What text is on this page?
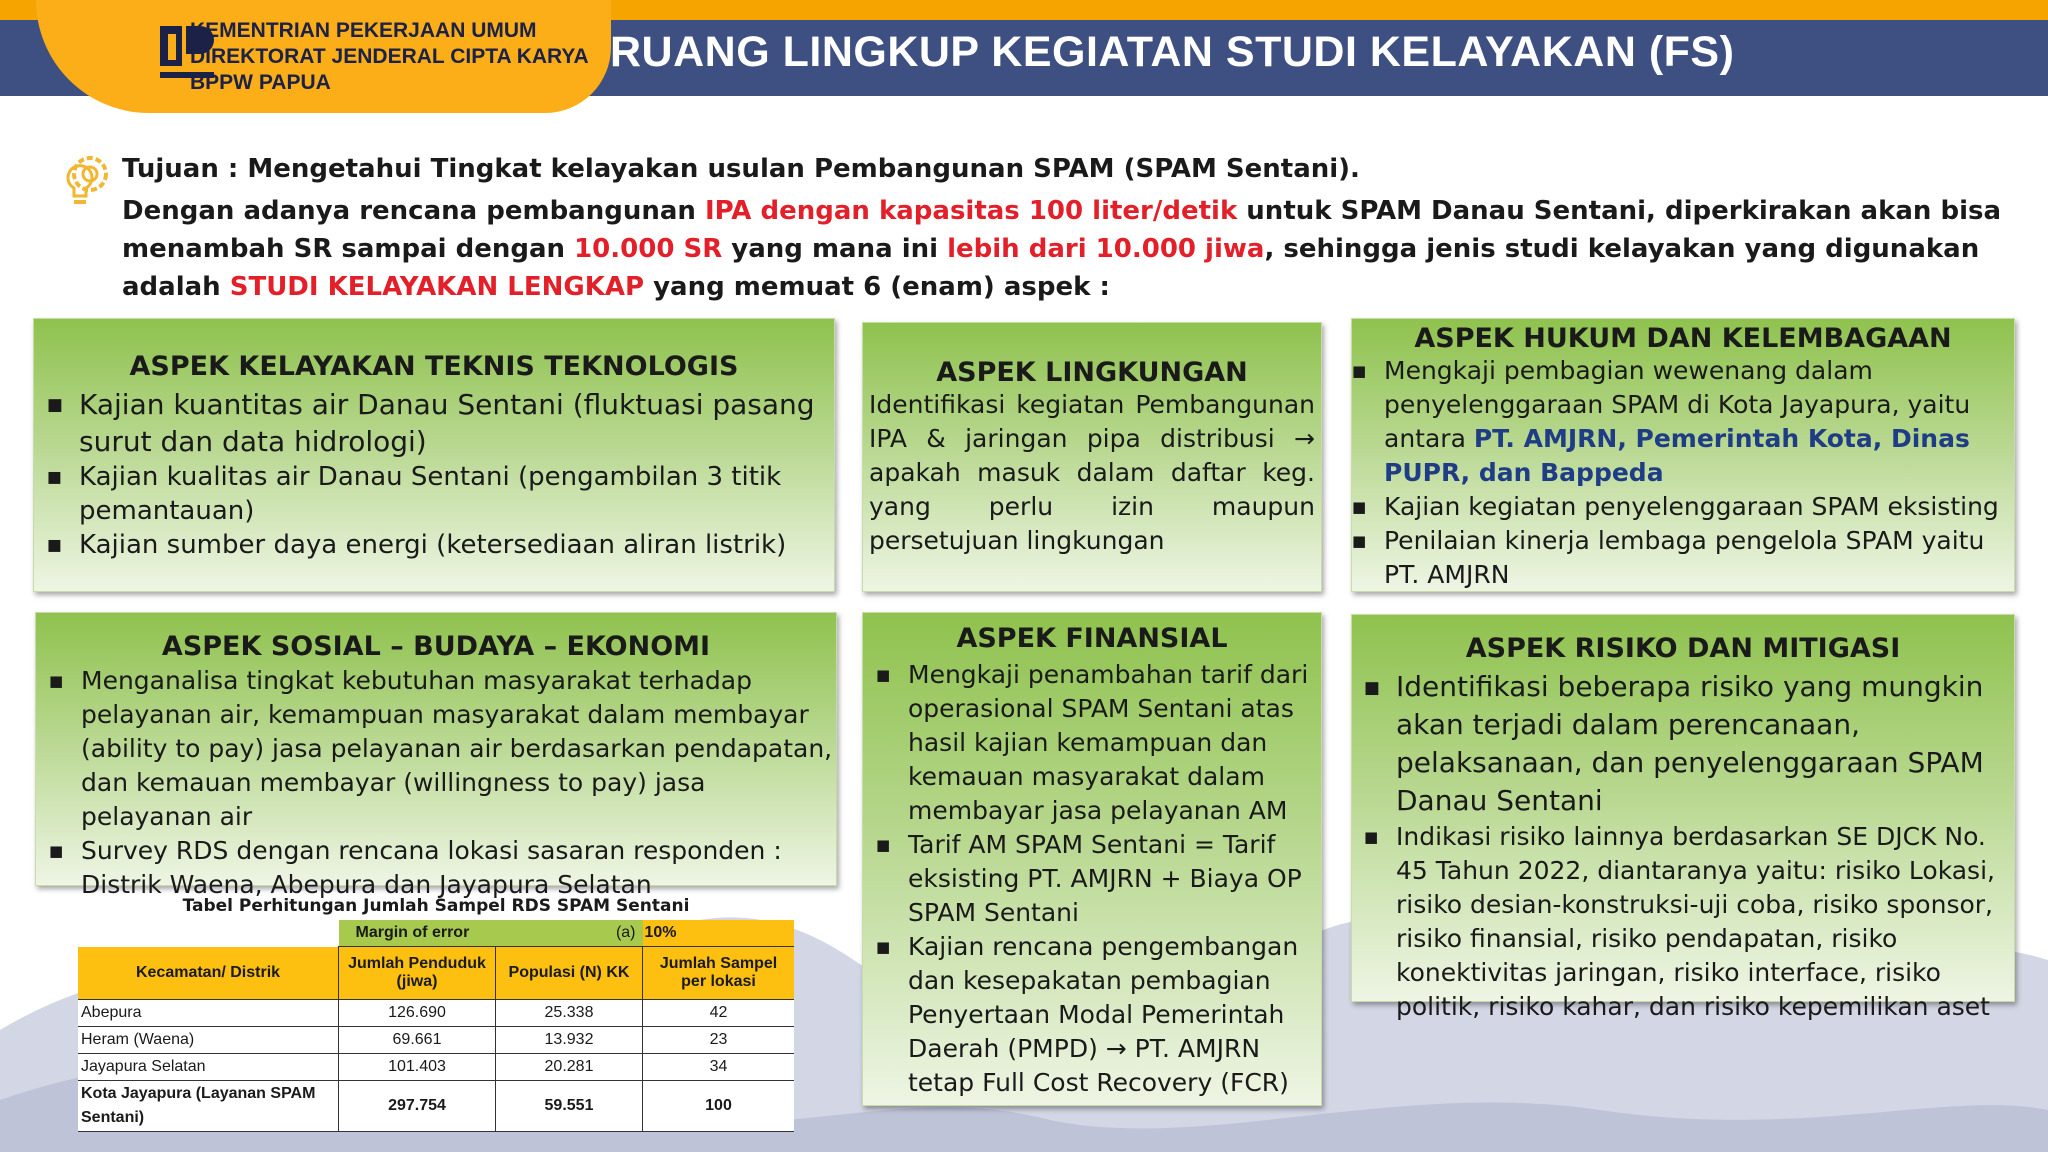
KEMENTRIAN PEKERJAAN UMUM
DIREKTORAT JENDERAL CIPTA KARYA
BPPW PAPUA
RUANG LINGKUP KEGIATAN STUDI KELAYAKAN (FS)

Tujuan : Mengetahui Tingkat kelayakan usulan Pembangunan SPAM (SPAM Sentani).

Dengan adanya rencana pembangunan IPA dengan kapasitas 100 liter/detik untuk SPAM Danau Sentani, diperkirakan akan bisa menambah SR sampai dengan 10.000 SR yang mana ini lebih dari 10.000 jiwa, sehingga jenis studi kelayakan yang digunakan adalah STUDI KELAYAKAN LENGKAP yang memuat 6 (enam) aspek :

ASPEK KELAYAKAN TEKNIS TEKNOLOGIS

■ Kajian kuantitas air Danau Sentani (fluktuasi pasang surut dan data hidrologi)
■ Kajian kualitas air Danau Sentani (pengambilan 3 titik pemantauan)
■ Kajian sumber daya energi (ketersediaan aliran listrik)

ASPEK LINGKUNGAN

Identifikasi kegiatan Pembangunan IPA & jaringan pipa distribusi → apakah masuk dalam daftar keg. yang perlu izin maupun persetujuan lingkungan

ASPEK HUKUM DAN KELEMBAGAAN

■ Mengkaji pembagian wewenang dalam penyelenggaraan SPAM di Kota Jayapura, yaitu antara PT. AMJRN, Pemerintah Kota, Dinas PUPR, dan Bappeda
■ Kajian kegiatan penyelenggaraan SPAM eksisting
■ Penilaian kinerja lembaga pengelola SPAM yaitu PT. AMJRN

ASPEK SOSIAL – BUDAYA – EKONOMI

■ Menganalisa tingkat kebutuhan masyarakat terhadap pelayanan air, kemampuan masyarakat dalam membayar (ability to pay) jasa pelayanan air berdasarkan pendapatan, dan kemauan membayar (willingness to pay) jasa pelayanan air
■ Survey RDS dengan rencana lokasi sasaran responden : Distrik Waena, Abepura dan Jayapura Selatan

ASPEK FINANSIAL

■ Mengkaji penambahan tarif dari operasional SPAM Sentani atas hasil kajian kemampuan dan kemauan masyarakat dalam membayar jasa pelayanan AM
■ Tarif AM SPAM Sentani = Tarif eksisting PT. AMJRN + Biaya OP SPAM Sentani
■ Kajian rencana pengembangan dan kesepakatan pembagian Penyertaan Modal Pemerintah Daerah (PMPD) → PT. AMJRN tetap Full Cost Recovery (FCR)

ASPEK RISIKO DAN MITIGASI

■ Identifikasi beberapa risiko yang mungkin akan terjadi dalam perencanaan, pelaksanaan, dan penyelenggaraan SPAM Danau Sentani
■ Indikasi risiko lainnya berdasarkan SE DJCK No. 45 Tahun 2022, diantaranya yaitu: risiko Lokasi, risiko desian-konstruksi-uji coba, risiko sponsor, risiko finansial, risiko pendapatan, risiko konektivitas jaringan, risiko interface, risiko politik, risiko kahar, dan risiko kepemilikan aset
Tabel Perhitungan Jumlah Sampel RDS SPAM Sentani
	Margin of error (a)		10%
Kecamatan/ Distrik	Jumlah Penduduk (jiwa)	Populasi (N) KK	Jumlah Sampel per lokasi
Abepura	126.690	25.338	42
Heram (Waena)	69.661	13.932	23
Jayapura Selatan	101.403	20.281	34
Kota Jayapura (Layanan SPAM Sentani)	297.754	59.551	100
